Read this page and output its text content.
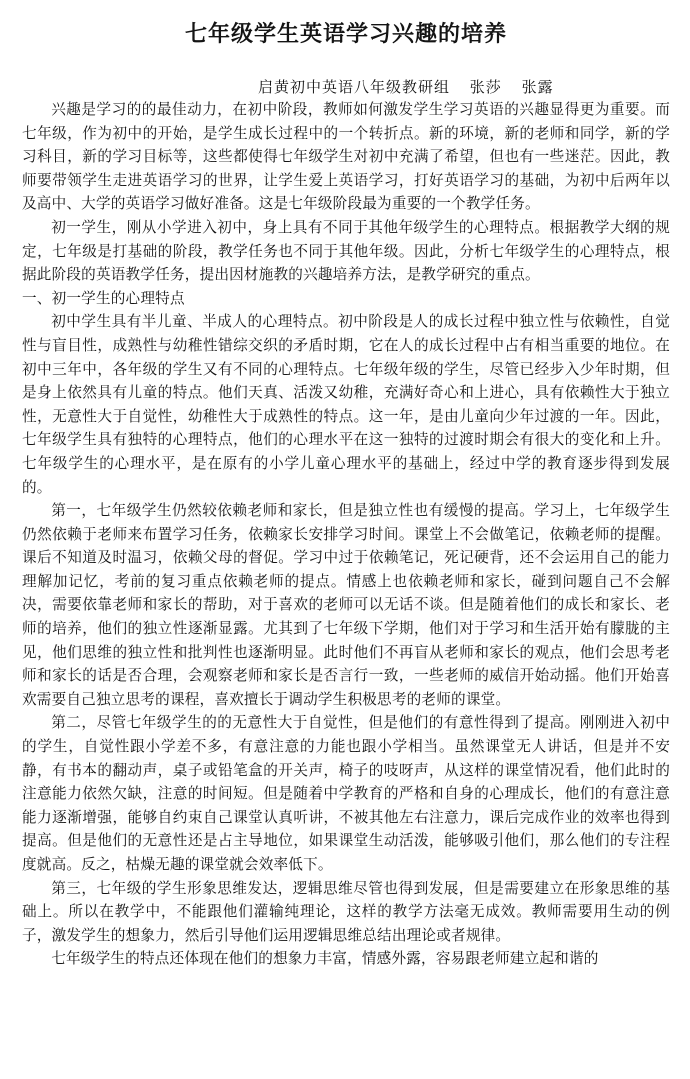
七年级学生英语学习兴趣的培养
启黄初中英语八年级教研组 张莎 张露

兴趣是学习的的最佳动力，在初中阶段，教师如何激发学生学习英语的兴趣显得更为重要。而七年级，作为初中的开始，是学生成长过程中的一个转折点。新的环境，新的老师和同学，新的学习科目，新的学习目标等，这些都使得七年级学生对初中充满了希望，但也有一些迷茫。因此，教师要带领学生走进英语学习的世界，让学生爱上英语学习，打好英语学习的基础，为初中后两年以及高中、大学的英语学习做好准备。这是七年级阶段最为重要的一个教学任务。

初一学生，刚从小学进入初中，身上具有不同于其他年级学生的心理特点。根据教学大纲的规定，七年级是打基础的阶段，教学任务也不同于其他年级。因此，分析七年级学生的心理特点，根据此阶段的英语教学任务，提出因材施教的兴趣培养方法，是教学研究的重点。

一、初一学生的心理特点

初中学生具有半儿童、半成人的心理特点。初中阶段是人的成长过程中独立性与依赖性，自觉性与盲目性，成熟性与幼稚性错综交织的矛盾时期，它在人的成长过程中占有相当重要的地位。在初中三年中，各年级的学生又有不同的心理特点。七年级年级的学生，尽管已经步入少年时期，但是身上依然具有儿童的特点。他们天真、活泼又幼稚，充满好奇心和上进心，具有依赖性大于独立性，无意性大于自觉性，幼稚性大于成熟性的特点。这一年，是由儿童向少年过渡的一年。因此，七年级学生具有独特的心理特点，他们的心理水平在这一独特的过渡时期会有很大的变化和上升。七年级学生的心理水平，是在原有的小学儿童心理水平的基础上，经过中学的教育逐步得到发展的。

第一，七年级学生仍然较依赖老师和家长，但是独立性也有缓慢的提高。学习上，七年级学生仍然依赖于老师来布置学习任务，依赖家长安排学习时间。课堂上不会做笔记，依赖老师的提醒。课后不知道及时温习，依赖父母的督促。学习中过于依赖笔记，死记硬背，还不会运用自己的能力理解加记忆，考前的复习重点依赖老师的提点。情感上也依赖老师和家长，碰到问题自己不会解决，需要依靠老师和家长的帮助，对于喜欢的老师可以无话不谈。但是随着他们的成长和家长、老师的培养，他们的独立性逐渐显露。尤其到了七年级下学期，他们对于学习和生活开始有朦胧的主见，他们思维的独立性和批判性也逐渐明显。此时他们不再盲从老师和家长的观点，他们会思考老师和家长的话是否合理，会观察老师和家长是否言行一致，一些老师的威信开始动摇。他们开始喜欢需要自己独立思考的课程，喜欢擅长于调动学生积极思考的老师的课堂。

第二，尽管七年级学生的的无意性大于自觉性，但是他们的有意性得到了提高。刚刚进入初中的学生，自觉性跟小学差不多，有意注意的力能也跟小学相当。虽然课堂无人讲话，但是并不安静，有书本的翻动声，桌子或铅笔盒的开关声，椅子的吱呀声，从这样的课堂情况看，他们此时的注意能力依然欠缺，注意的时间短。但是随着中学教育的严格和自身的心理成长，他们的有意注意能力逐渐增强，能够自约束自己课堂认真听讲，不被其他左右注意力，课后完成作业的效率也得到提高。但是他们的无意性还是占主导地位，如果课堂生动活泼，能够吸引他们，那么他们的专注程度就高。反之，枯燥无趣的课堂就会效率低下。

第三，七年级的学生形象思维发达，逻辑思维尽管也得到发展，但是需要建立在形象思维的基础上。所以在教学中，不能跟他们灌输纯理论，这样的教学方法毫无成效。教师需要用生动的例子，激发学生的想象力，然后引导他们运用逻辑思维总结出理论或者规律。

七年级学生的特点还体现在他们的想象力丰富，情感外露，容易跟老师建立起和谐的
